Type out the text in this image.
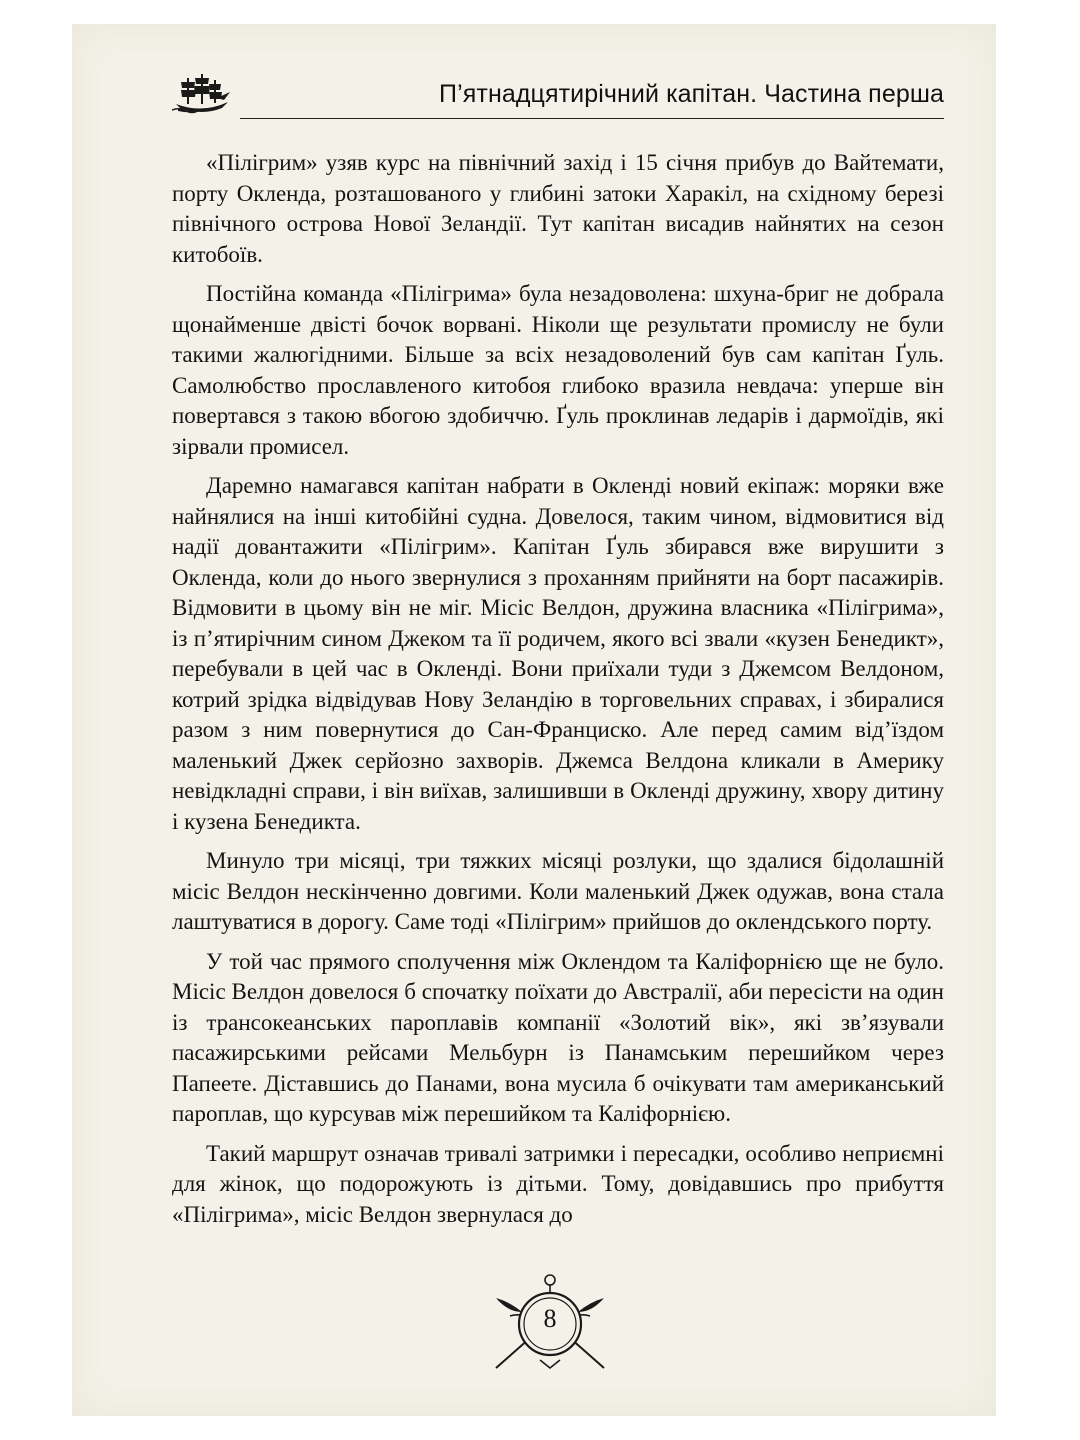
П’ятнадцятирічний капітан. Частина перша

«Пілігрим» узяв курс на північний захід і 15 січня прибув до Вайтемати, порту Окленда, розташованого у глибині затоки Харакіл, на східному березі північного острова Нової Зеландії. Тут капітан висадив найнятих на сезон китобоїв.

Постійна команда «Пілігрима» була незадоволена: шхуна-бриг не добрала щонайменше двісті бочок ворвані. Ніколи ще результати промислу не були такими жалюгідними. Більше за всіх незадоволений був сам капітан Ґуль. Самолюбство прославленого китобоя глибоко вразила невдача: уперше він повертався з такою вбогою здобиччю. Ґуль проклинав ледарів і дармоїдів, які зірвали промисел.

Даремно намагався капітан набрати в Окленді новий екіпаж: моряки вже найнялися на інші китобійні судна. Довелося, таким чином, відмовитися від надії довантажити «Пілігрим». Капітан Ґуль збирався вже вирушити з Окленда, коли до нього звернулися з проханням прийняти на борт пасажирів. Відмовити в цьому він не міг. Місіс Велдон, дружина власника «Пілігрима», із п’ятирічним сином Джеком та її родичем, якого всі звали «кузен Бенедикт», перебували в цей час в Окленді. Вони приїхали туди з Джемсом Велдоном, котрий зрідка відвідував Нову Зеландію в торговельних справах, і збиралися разом з ним повернутися до Сан-Франциско. Але перед самим від’їздом маленький Джек серйозно захворів. Джемса Велдона кликали в Америку невідкладні справи, і він виїхав, залишивши в Окленді дружину, хвору дитину і кузена Бенедикта.

Минуло три місяці, три тяжких місяці розлуки, що здалися бідолашній місіс Велдон нескінченно довгими. Коли маленький Джек одужав, вона стала лаштуватися в дорогу. Саме тоді «Пілігрим» прийшов до оклендського порту.

У той час прямого сполучення між Оклендом та Каліфорнією ще не було. Місіс Велдон довелося б спочатку поїхати до Австралії, аби пересісти на один із трансокеанських пароплавів компанії «Золотий вік», які зв’язували пасажирськими рейсами Мельбурн із Панамським перешийком через Папеете. Діставшись до Панами, вона мусила б очікувати там американський пароплав, що курсував між перешийком та Каліфорнією.

Такий маршрут означав тривалі затримки і пересадки, особливо неприємні для жінок, що подорожують із дітьми. Тому, довідавшись про прибуття «Пілігрима», місіс Велдон звернулася до

8
